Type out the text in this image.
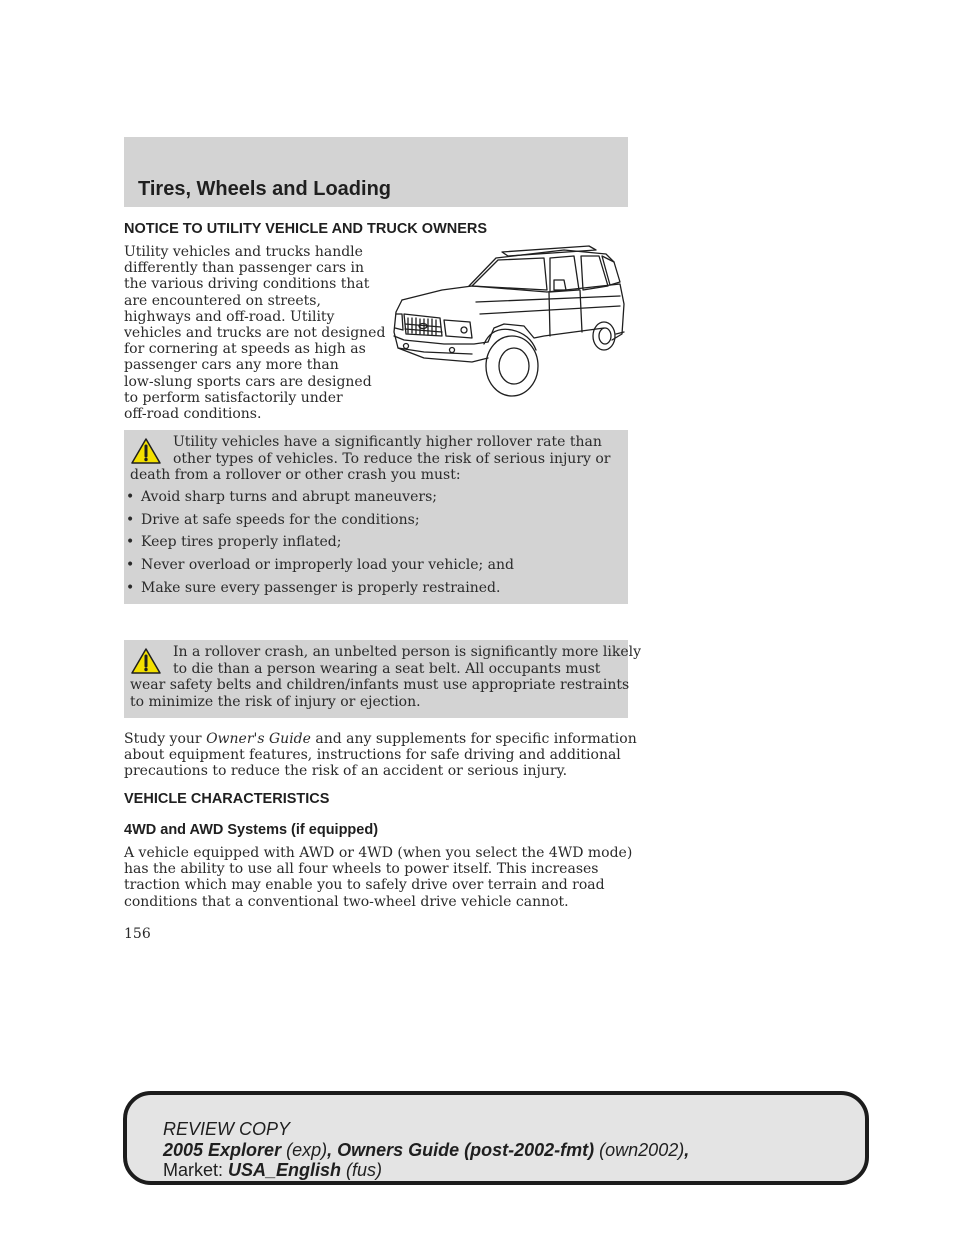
Tires, Wheels and Loading
NOTICE TO UTILITY VEHICLE AND TRUCK OWNERS

Utility vehicles and trucks handle
differently than passenger cars in
the various driving conditions that
are encountered on streets,
highways and off-road. Utility
vehicles and trucks are not designed
for cornering at speeds as high as
passenger cars any more than
low-slung sports cars are designed
to perform satisfactorily under
off-road conditions.

Utility vehicles have a significantly higher rollover rate than
other types of vehicles. To reduce the risk of serious injury or
death from a rollover or other crash you must:

• Avoid sharp turns and abrupt maneuvers;
• Drive at safe speeds for the conditions;
• Keep tires properly inflated;
• Never overload or improperly load your vehicle; and
• Make sure every passenger is properly restrained.

In a rollover crash, an unbelted person is significantly more likely
to die than a person wearing a seat belt. All occupants must
wear safety belts and children/infants must use appropriate restraints
to minimize the risk of injury or ejection.

Study your Owner's Guide and any supplements for specific information
about equipment features, instructions for safe driving and additional
precautions to reduce the risk of an accident or serious injury.

VEHICLE CHARACTERISTICS
4WD and AWD Systems (if equipped)

A vehicle equipped with AWD or 4WD (when you select the 4WD mode)
has the ability to use all four wheels to power itself. This increases
traction which may enable you to safely drive over terrain and road
conditions that a conventional two-wheel drive vehicle cannot.

156

REVIEW COPY

2005 Explorer (exp), Owners Guide (post-2002-fmt) (own2002),

Market: USA_English (fus)
